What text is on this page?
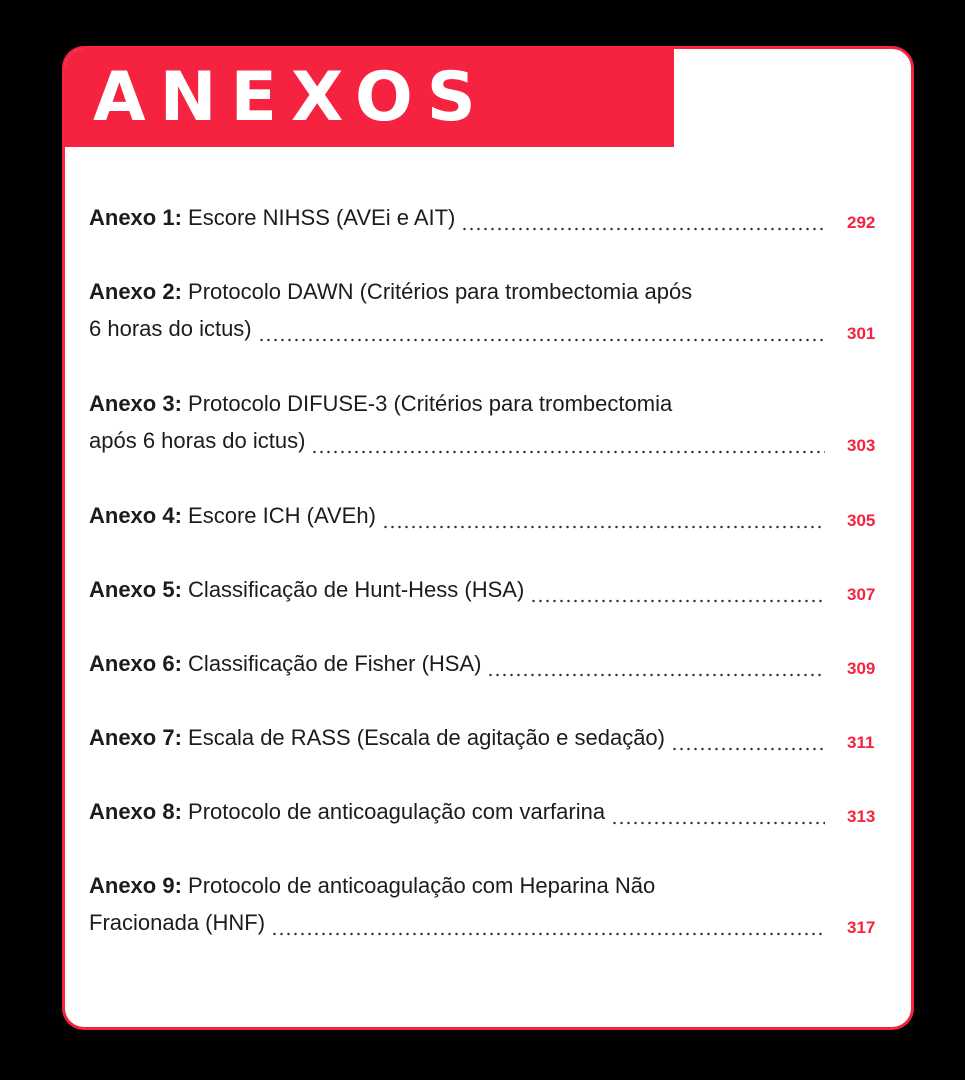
ANEXOS
Anexo 1:
Escore NIHSS (AVEi e AIT)	292
Anexo 2: Protocolo DAWN (Critérios para trombectomia após
6 horas do ictus)	301
Anexo 3: Protocolo DIFUSE-3 (Critérios para trombectomia
após 6 horas do ictus)	303
Anexo 4:
Escore ICH (AVEh)	305
Anexo 5:
Classificação de Hunt-Hess (HSA)	307
Anexo 6:
Classificação de Fisher (HSA)	309
Anexo 7:
Escala de RASS (Escala de agitação e sedação)	311
Anexo 8:
Protocolo de anticoagulação com varfarina	313
Anexo 9: Protocolo de anticoagulação com Heparina Não
Fracionada (HNF)	317
